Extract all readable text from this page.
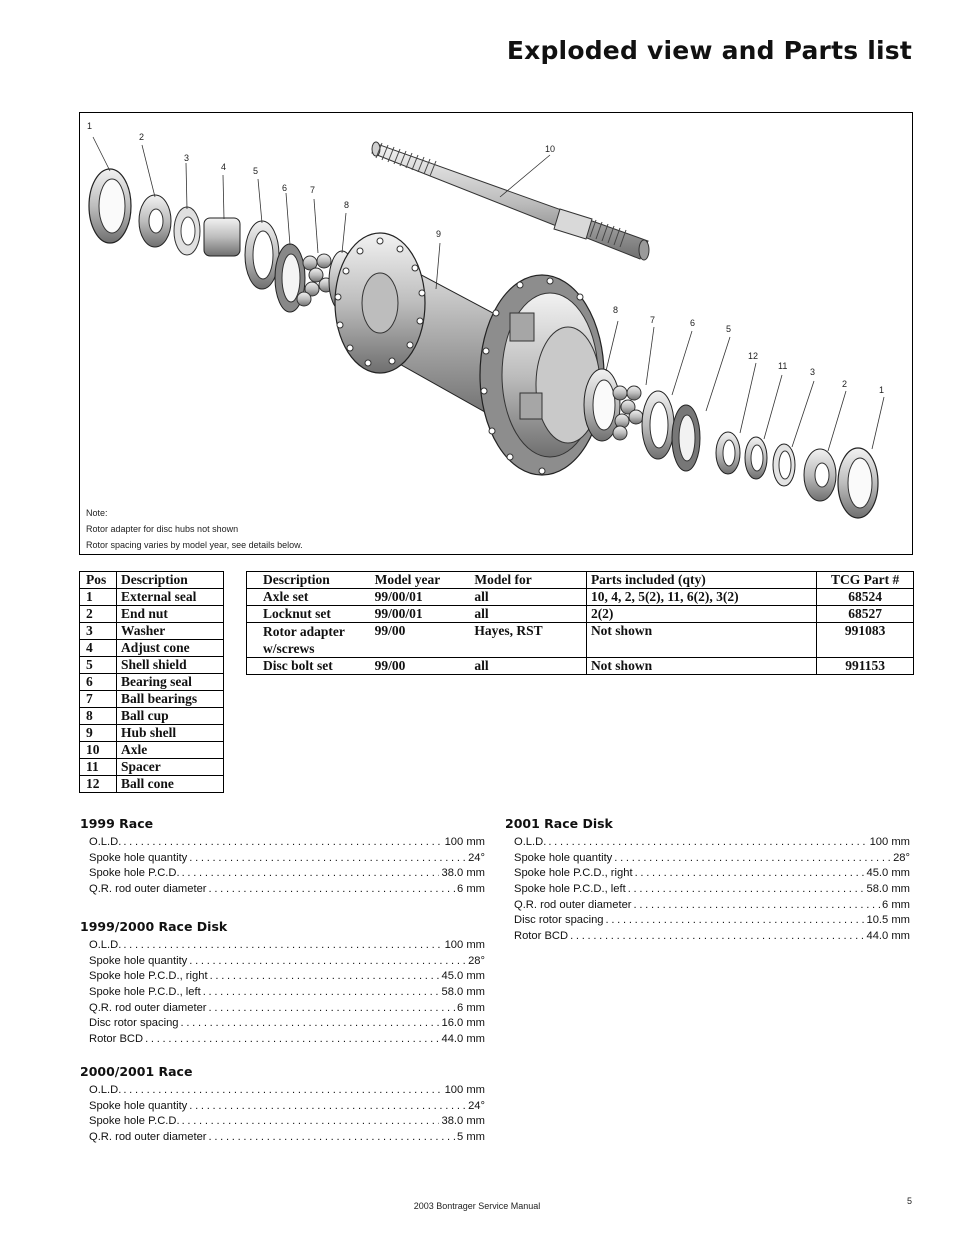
Exploded view and Parts list
1
2
3
4	5
6	7
8
9
10
8
7	6
5
12
11
3
2
1
Note:
Rotor adapter for disc hubs not shown
Rotor spacing varies by model year, see details below.
Pos	Description
1	External seal
2	End nut
3	Washer
4	Adjust cone
5	Shell shield
6	Bearing seal
7	Ball bearings
8	Ball cup
9	Hub shell
10	Axle
11	Spacer
12	Ball cone
Description	Model year	Model for	Parts included (qty)	TCG Part #
Axle set	99/00/01	all	10, 4, 2, 5(2), 11, 6(2), 3(2)	68524
Locknut set	99/00/01	all	2(2)	68527
Rotor adapter w/screws	99/00	Hayes, RST	Not shown	991083
Disc bolt set	99/00	all	Not shown	991153
1999 Race
O.L.D. . . .	100 mm
Spoke hole quantity . . .	24°
Spoke hole P.C.D. . . .	38.0 mm
Q.R. rod outer diameter . . .	6 mm
1999/2000 Race Disk
O.L.D. . . .	100 mm
Spoke hole quantity . . .	28°
Spoke hole P.C.D., right . . .	45.0 mm
Spoke hole P.C.D., left . . .	58.0 mm
Q.R. rod outer diameter . . .	6 mm
Disc rotor spacing . . .	16.0 mm
Rotor BCD . . .	44.0 mm
2000/2001 Race
O.L.D. . . .	100 mm
Spoke hole quantity . . .	24°
Spoke hole P.C.D. . . .	38.0 mm
Q.R. rod outer diameter . . .	5 mm
2001 Race Disk
O.L.D. . . .	100 mm
Spoke hole quantity . . .	28°
Spoke hole P.C.D., right . . .	45.0 mm
Spoke hole P.C.D., left . . .	58.0 mm
Q.R. rod outer diameter . . .	6 mm
Disc rotor spacing . . .	10.5 mm
Rotor BCD . . .	44.0 mm
2003 Bontrager Service Manual	5
